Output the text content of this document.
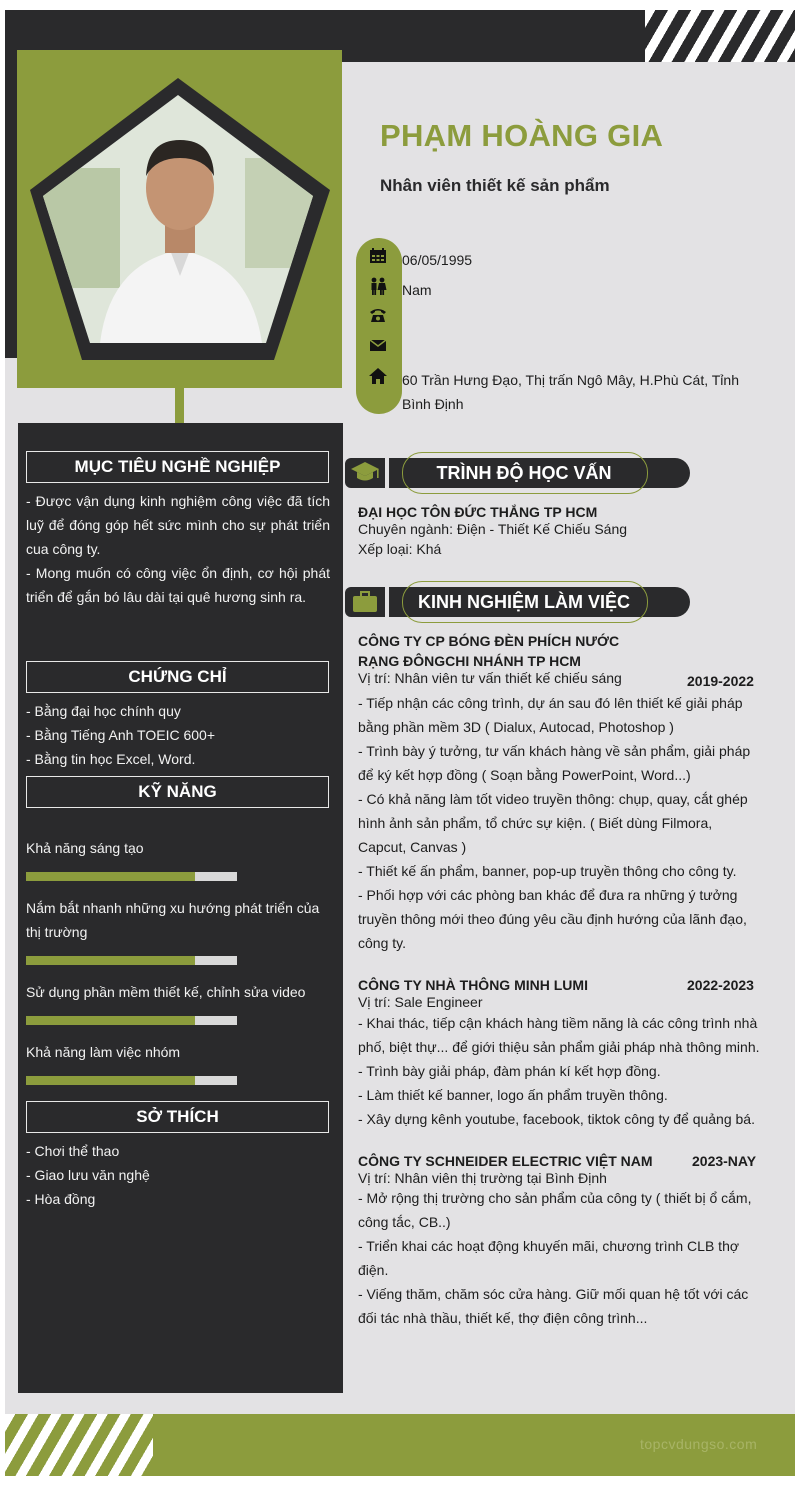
PHẠM HOÀNG GIA
Nhân viên thiết kế sản phẩm
06/05/1995
Nam
60 Trần Hưng Đạo, Thị trấn Ngô Mây, H.Phù Cát, Tỉnh Bình Định
MỤC TIÊU NGHỀ NGHIỆP
- Được vận dụng kinh nghiệm công việc đã tích luỹ để đóng góp hết sức mình cho sự phát triển cua công ty.
- Mong muốn có công việc ổn định, cơ hội phát triển để gắn bó lâu dài tại quê hương sinh ra.
CHỨNG CHỈ
- Bằng đại học chính quy
- Bằng Tiếng Anh TOEIC 600+
- Bằng tin học Excel, Word.
KỸ NĂNG
Khả năng sáng tạo
Nắm bắt nhanh những xu hướng phát triển của thị trường
Sử dụng phần mềm thiết kế, chỉnh sửa video
Khả năng làm việc nhóm
SỞ THÍCH
- Chơi thể thao
- Giao lưu văn nghệ
- Hòa đồng
TRÌNH ĐỘ HỌC VẤN
ĐẠI HỌC TÔN ĐỨC THẮNG TP HCM
Chuyên ngành: Điện - Thiết Kế Chiếu Sáng
Xếp loại: Khá
KINH NGHIỆM LÀM VIỆC
CÔNG TY CP BÓNG ĐÈN PHÍCH NƯỚC RẠNG ĐÔNGCHI NHÁNH TP HCM
2019-2022
Vị trí: Nhân viên tư vấn thiết kế chiếu sáng
- Tiếp nhận các công trình, dự án sau đó lên thiết kế giải pháp bằng phần mềm 3D ( Dialux, Autocad, Photoshop )
- Trình bày ý tưởng, tư vấn khách hàng về sản phẩm, giải pháp để ký kết hợp đồng ( Soạn bằng PowerPoint, Word...)
- Có khả năng làm tốt video truyền thông: chụp, quay, cắt ghép hình ảnh sản phẩm, tổ chức sự kiện. ( Biết dùng Filmora, Capcut, Canvas )
- Thiết kế ấn phẩm, banner, pop-up truyền thông cho công ty.
- Phối hợp với các phòng ban khác để đưa ra những ý tưởng truyền thông mới theo đúng yêu cầu định hướng của lãnh đạo, công ty.
CÔNG TY NHÀ THÔNG MINH LUMI	2022-2023
Vị trí: Sale Engineer
- Khai thác, tiếp cận khách hàng tiềm năng là các công trình nhà phố, biệt thự... để giới thiệu sản phẩm giải pháp nhà thông minh.
- Trình bày giải pháp, đàm phán kí kết hợp đồng.
- Làm thiết kế banner, logo ấn phẩm truyền thông.
- Xây dựng kênh youtube, facebook, tiktok công ty để quảng bá.
CÔNG TY SCHNEIDER ELECTRIC VIỆT NAM	2023-NAY
Vị trí: Nhân viên thị trường tại Bình Định
- Mở rộng thị trường cho sản phẩm của công ty ( thiết bị ổ cắm, công tắc, CB..)
- Triển khai các hoạt động khuyến mãi, chương trình CLB thợ điện.
- Viếng thăm, chăm sóc cửa hàng. Giữ mối quan hệ tốt với các đối tác nhà thầu, thiết kế, thợ điện công trình...
topcvdungso.com
